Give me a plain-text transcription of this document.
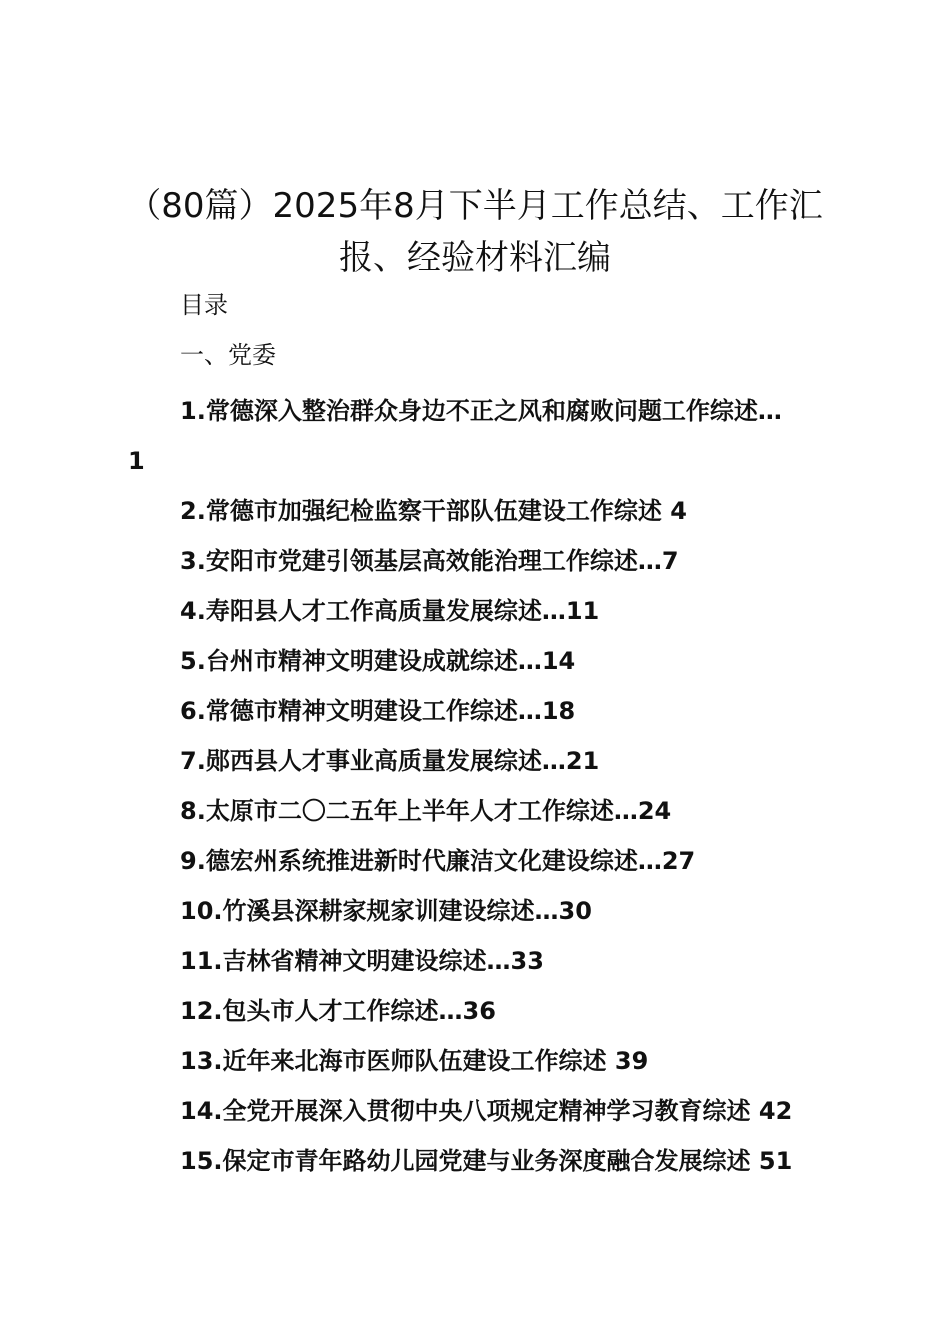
（80篇）2025年8月下半月工作总结、工作汇报、经验材料汇编
目录
一、党委
1.常德深入整治群众身边不正之风和腐败问题工作综述…
1
2.常德市加强纪检监察干部队伍建设工作综述 4
3.安阳市党建引领基层高效能治理工作综述…7
4.寿阳县人才工作高质量发展综述…11
5.台州市精神文明建设成就综述…14
6.常德市精神文明建设工作综述…18
7.郧西县人才事业高质量发展综述…21
8.太原市二〇二五年上半年人才工作综述…24
9.德宏州系统推进新时代廉洁文化建设综述…27
10.竹溪县深耕家规家训建设综述…30
11.吉林省精神文明建设综述…33
12.包头市人才工作综述…36
13.近年来北海市医师队伍建设工作综述 39
14.全党开展深入贯彻中央八项规定精神学习教育综述 42
15.保定市青年路幼儿园党建与业务深度融合发展综述 51
